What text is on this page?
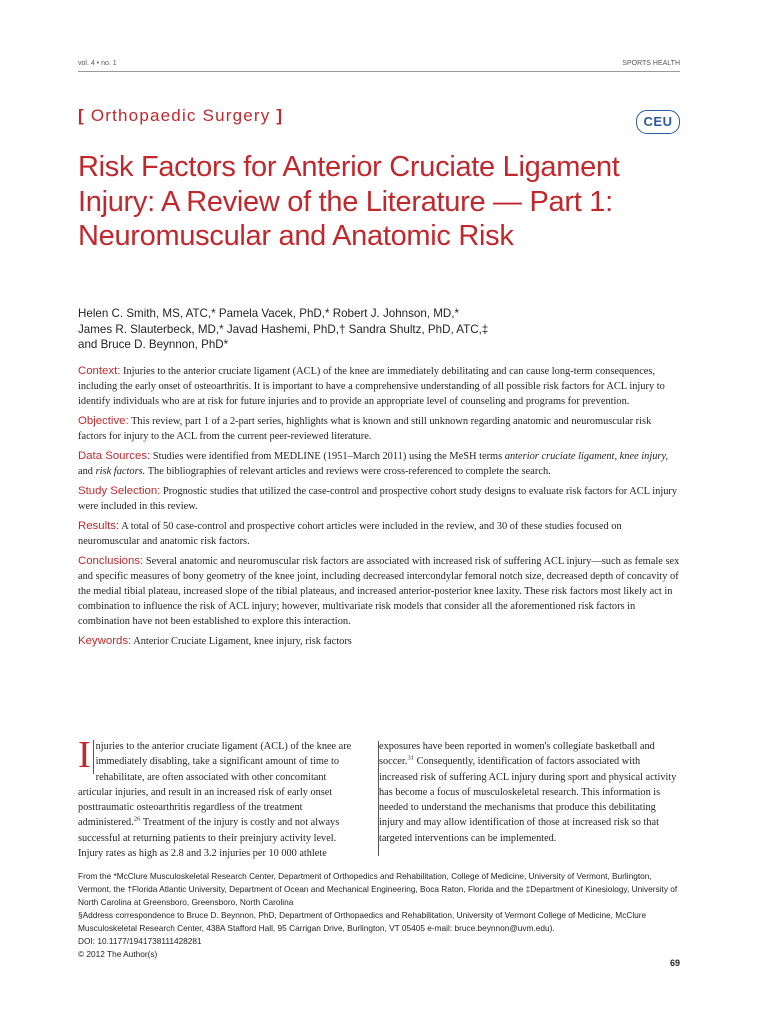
vol. 4 • no. 1	SPORTS HEALTH
[ Orthopaedic Surgery ]	CEU
Risk Factors for Anterior Cruciate Ligament Injury: A Review of the Literature — Part 1: Neuromuscular and Anatomic Risk
Helen C. Smith, MS, ATC,* Pamela Vacek, PhD,* Robert J. Johnson, MD,*
James R. Slauterbeck, MD,* Javad Hashemi, PhD,† Sandra Shultz, PhD, ATC,‡
and Bruce D. Beynnon, PhD*

Context: Injuries to the anterior cruciate ligament (ACL) of the knee are immediately debilitating and can cause long-term consequences, including the early onset of osteoarthritis. It is important to have a comprehensive understanding of all possible risk factors for ACL injury to identify individuals who are at risk for future injuries and to provide an appropriate level of counseling and programs for prevention.

Objective: This review, part 1 of a 2-part series, highlights what is known and still unknown regarding anatomic and neuromuscular risk factors for injury to the ACL from the current peer-reviewed literature.

Data Sources: Studies were identified from MEDLINE (1951–March 2011) using the MeSH terms anterior cruciate ligament, knee injury, and risk factors. The bibliographies of relevant articles and reviews were cross-referenced to complete the search.

Study Selection: Prognostic studies that utilized the case-control and prospective cohort study designs to evaluate risk factors for ACL injury were included in this review.

Results: A total of 50 case-control and prospective cohort articles were included in the review, and 30 of these studies focused on neuromuscular and anatomic risk factors.

Conclusions: Several anatomic and neuromuscular risk factors are associated with increased risk of suffering ACL injury—such as female sex and specific measures of bony geometry of the knee joint, including decreased intercondylar femoral notch size, decreased depth of concavity of the medial tibial plateau, increased slope of the tibial plateaus, and increased anterior-posterior knee laxity. These risk factors most likely act in combination to influence the risk of ACL injury; however, multivariate risk models that consider all the aforementioned risk factors in combination have not been established to explore this interaction.

Keywords: Anterior Cruciate Ligament, knee injury, risk factors

I njuries to the anterior cruciate ligament (ACL) of the knee are immediately disabling, take a significant amount of time to rehabilitate, are often associated with other concomitant articular injuries, and result in an increased risk of early onset posttraumatic osteoarthritis regardless of the treatment administered.$^{26}$ Treatment of the injury is costly and not always successful at returning patients to their preinjury activity level. Injury rates as high as 2.8 and 3.2 injuries per 10 000 athlete
exposures have been reported in women's collegiate basketball and soccer.$^{31}$ Consequently, identification of factors associated with increased risk of suffering ACL injury during sport and physical activity has become a focus of musculoskeletal research. This information is needed to understand the mechanisms that produce this debilitating injury and may allow identification of those at increased risk so that targeted interventions can be implemented.

From the *McClure Musculoskeletal Research Center, Department of Orthopedics and Rehabilitation, College of Medicine, University of Vermont, Burlington, Vermont, the †Florida Atlantic University, Department of Ocean and Mechanical Engineering, Boca Raton, Florida and the ‡Department of Kinesiology, University of North Carolina at Greensboro, Greensboro, North Carolina

§Address correspondence to Bruce D. Beynnon, PhD, Department of Orthopaedics and Rehabilitation, University of Vermont College of Medicine, McClure Musculoskeletal Research Center, 438A Stafford Hall, 95 Carrigan Drive, Burlington, VT 05405 e-mail: bruce.beynnon@uvm.edu).

DOI: 10.1177/1941738111428281

© 2012 The Author(s)

69
